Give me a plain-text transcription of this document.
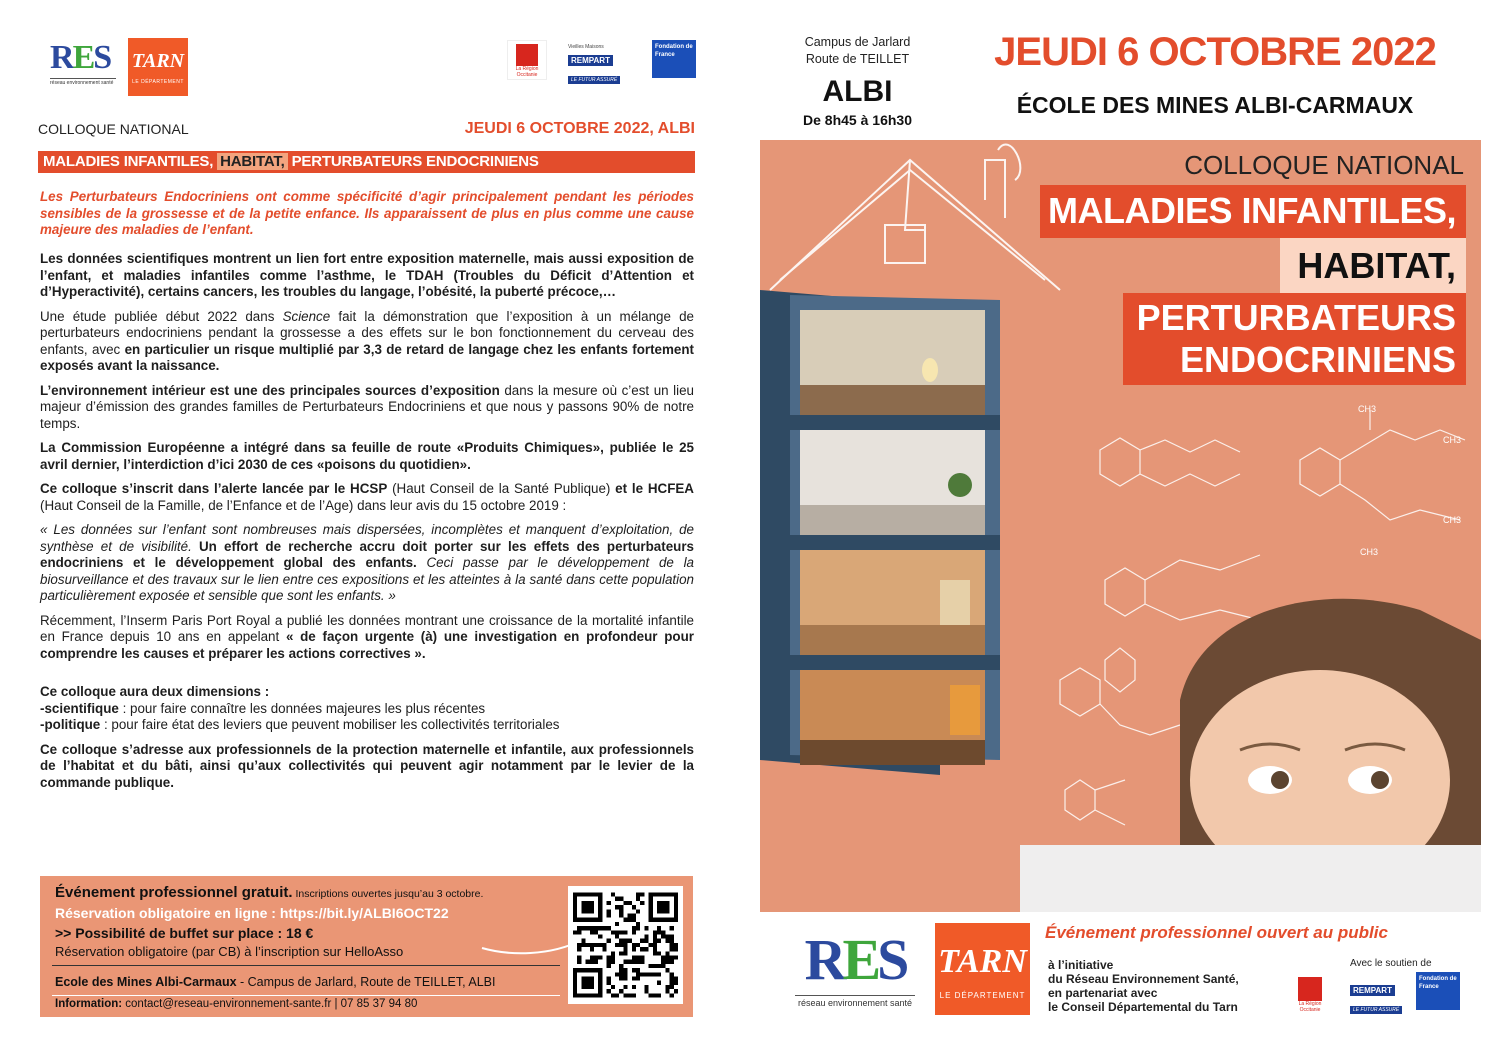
RES
réseau environnement santé
TARN
LE DÉPARTEMENT
La Région Occitanie
Vieilles Maisons
REMPART LE FUTUR ASSURÉ
Fondation de France
COLLOQUE NATIONAL	JEUDI 6 OCTOBRE 2022, ALBI
MALADIES INFANTILES, HABITAT, PERTURBATEURS ENDOCRINIENS
Les Perturbateurs Endocriniens ont comme spécificité d’agir principalement pendant les périodes sensibles de la grossesse et de la petite enfance. Ils apparaissent de plus en plus comme une cause majeure des maladies de l’enfant.

Les données scientifiques montrent un lien fort entre exposition maternelle, mais aussi exposition de l’enfant, et maladies infantiles comme l’asthme, le TDAH (Troubles du Déficit d’Attention et d’Hyperactivité), certains cancers, les troubles du langage, l’obésité, la puberté précoce,…

Une étude publiée début 2022 dans Science fait la démonstration que l’exposition à un mélange de perturbateurs endocriniens pendant la grossesse a des effets sur le bon fonctionnement du cerveau des enfants, avec en particulier un risque multiplié par 3,3 de retard de langage chez les enfants fortement exposés avant la naissance.

L’environnement intérieur est une des principales sources d’exposition dans la mesure où c’est un lieu majeur d’émission des grandes familles de Perturbateurs Endocriniens et que nous y passons 90% de notre temps.

La Commission Européenne a intégré dans sa feuille de route «Produits Chimiques», publiée le 25 avril dernier, l’interdiction d’ici 2030 de ces «poisons du quotidien».

Ce colloque s’inscrit dans l’alerte lancée par le HCSP (Haut Conseil de la Santé Publique) et le HCFEA (Haut Conseil de la Famille, de l’Enfance et de l’Age) dans leur avis du 15 octobre 2019 :

« Les données sur l’enfant sont nombreuses mais dispersées, incomplètes et manquent d’exploitation, de synthèse et de visibilité. Un effort de recherche accru doit porter sur les effets des perturbateurs endocriniens et le développement global des enfants. Ceci passe par le développement de la biosurveillance et des travaux sur le lien entre ces expositions et les atteintes à la santé dans cette population particulièrement exposée et sensible que sont les enfants. »

Récemment, l’Inserm Paris Port Royal a publié les données montrant une croissance de la mortalité infantile en France depuis 10 ans en appelant « de façon urgente (à) une investigation en profondeur pour comprendre les causes et préparer les actions correctives ».

Ce colloque aura deux dimensions :
-scientifique : pour faire connaître les données majeures les plus récentes
-politique : pour faire état des leviers que peuvent mobiliser les collectivités territoriales

Ce colloque s’adresse aux professionnels de la protection maternelle et infantile, aux professionnels de l’habitat et du bâti, ainsi qu’aux collectivités qui peuvent agir notamment par le levier de la commande publique.

Événement professionnel gratuit. Inscriptions ouvertes jusqu’au 3 octobre.
Réservation obligatoire en ligne : https://bit.ly/ALBI6OCT22
>> Possibilité de buffet sur place : 18 €
Réservation obligatoire (par CB) à l’inscription sur HelloAsso
Ecole des Mines Albi-Carmaux - Campus de Jarlard, Route de TEILLET, ALBI
Information: contact@reseau-environnement-sante.fr | 07 85 37 94 80
Campus de Jarlard
Route de TEILLET
ALBI
De 8h45 à 16h30
JEUDI 6 OCTOBRE 2022
ÉCOLE DES MINES ALBI-CARMAUX
CH3
CH3
CH3
CH3
COLLOQUE NATIONAL
MALADIES INFANTILES,
HABITAT,
PERTURBATEURS
ENDOCRINIENS
RES
réseau environnement santé
TARN
LE DÉPARTEMENT
Événement professionnel ouvert au public
à l’initiative
du Réseau Environnement Santé,
en partenariat avec
le Conseil Départemental du Tarn
Avec le soutien de
La Région Occitanie
REMPART LE FUTUR ASSURÉ
Fondation de France
